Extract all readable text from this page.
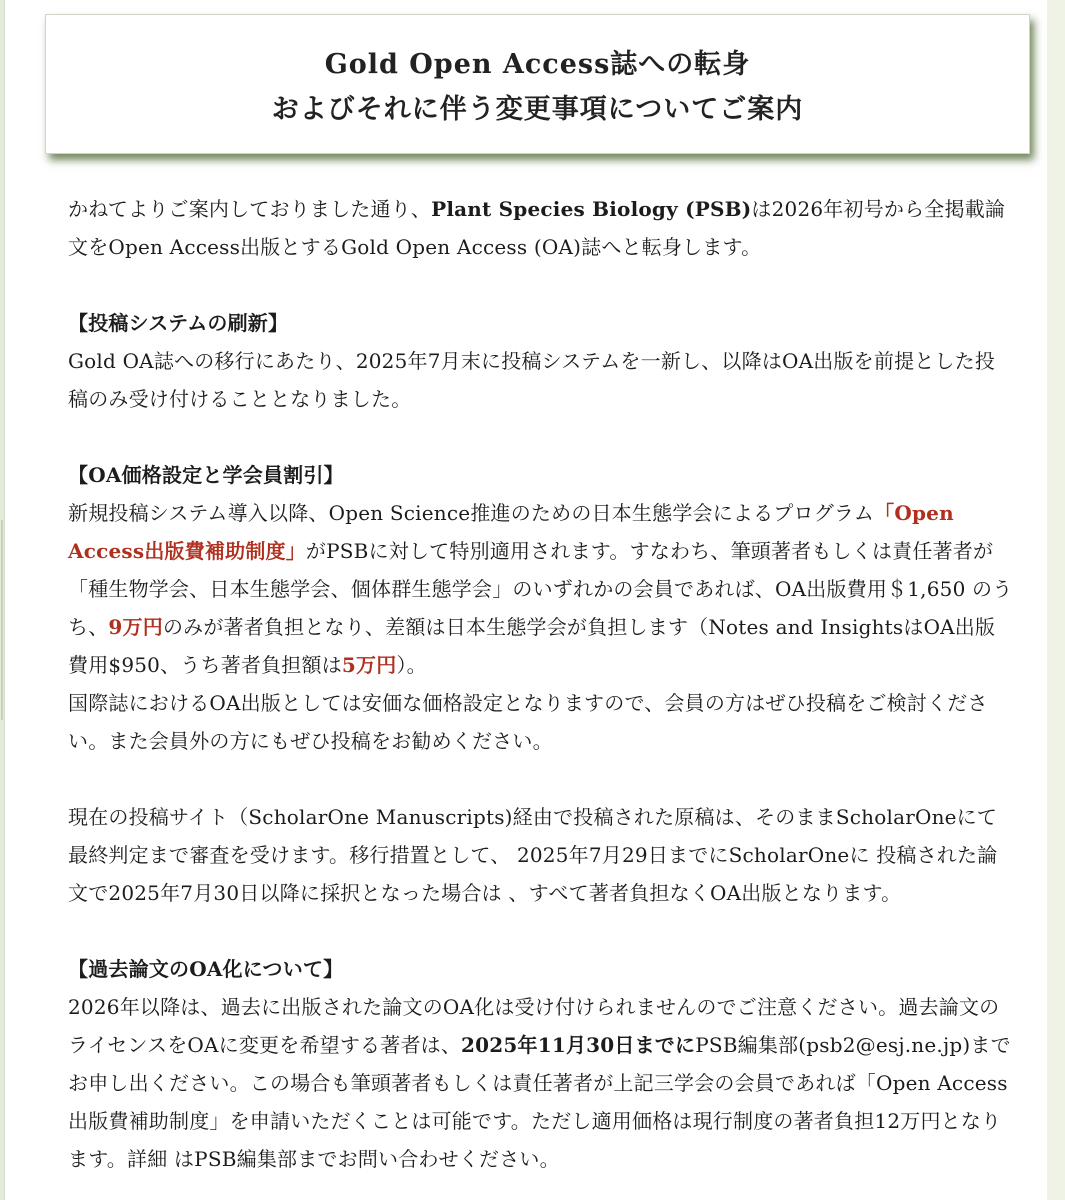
Gold Open Access誌への転身
およびそれに伴う変更事項についてご案内

かねてよりご案内しておりました通り、Plant Species Biology (PSB)は2026年初号から全掲載論文をOpen Access出版とするGold Open Access (OA)誌へと転身します。

【投稿システムの刷新】

Gold OA誌への移行にあたり、2025年7月末に投稿システムを一新し、以降はOA出版を前提とした投稿のみ受け付けることとなりました。

【OA価格設定と学会員割引】

新規投稿システム導入以降、Open Science推進のための日本生態学会によるプログラム「Open Access出版費補助制度」がPSBに対して特別適用されます。すなわち、筆頭著者もしくは責任著者が「種生物学会、日本生態学会、個体群生態学会」のいずれかの会員であれば、OA出版費用＄1,650 のうち、9万円のみが著者負担となり、差額は日本生態学会が負担します（Notes and InsightsはOA出版費用$950、うち著者負担額は5万円）。

国際誌におけるOA出版としては安価な価格設定となりますので、会員の方はぜひ投稿をご検討ください。また会員外の方にもぜひ投稿をお勧めください。

現在の投稿サイト（ScholarOne Manuscripts)経由で投稿された原稿は、そのままScholarOneにて最終判定まで審査を受けます。移行措置として、 2025年7月29日までにScholarOneに 投稿された論文で2025年7月30日以降に採択となった場合は 、すべて著者負担なくOA出版となります。

【過去論文のOA化について】

2026年以降は、過去に出版された論文のOA化は受け付けられませんのでご注意ください。過去論文のライセンスをOAに変更を希望する著者は、2025年11月30日までにPSB編集部(psb2@esj.ne.jp)までお申し出ください。この場合も筆頭著者もしくは責任著者が上記三学会の会員であれば「Open Access出版費補助制度」を申請いただくことは可能です。ただし適用価格は現行制度の著者負担12万円となります。詳細 はPSB編集部までお問い合わせください。
